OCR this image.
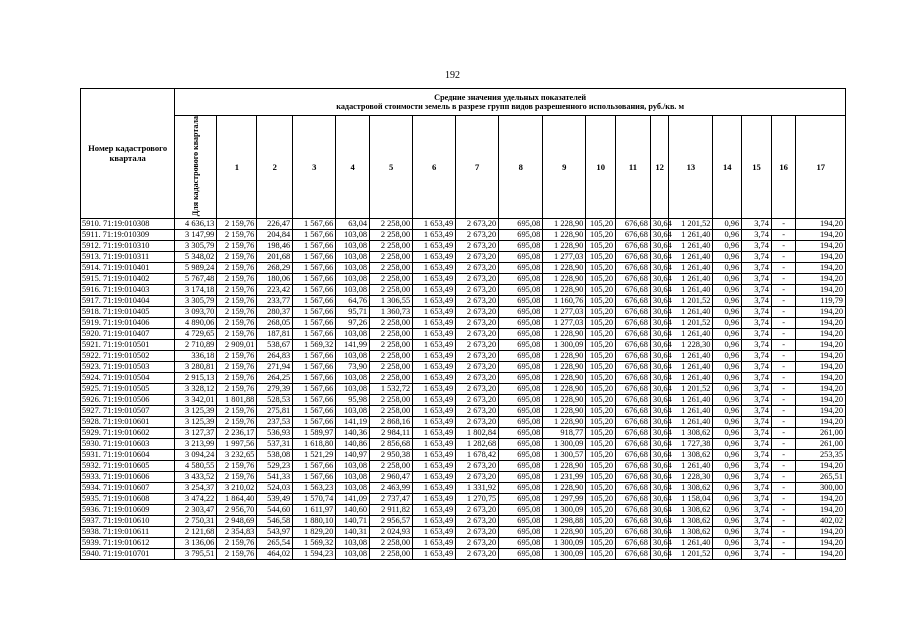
192
Номер кадастрового квартала	Средние значения удельных показателей
кадастровой стоимости земель в разрезе групп видов разрешенного использования, руб./кв. м																	
	Для кадастрового квартала	1	2	3	4	5	6	7	8	9	10	11	12	13	14	15	16	17
5910. 71:19:010308	4 636,13	2 159,76	226,47	1 567,66	63,04	2 258,00	1 653,49	2 673,20	695,08	1 228,90	105,20	676,68	30,64	1 201,52	0,96	3,74	-	194,20
5911. 71:19:010309	3 147,99	2 159,76	204,84	1 567,66	103,08	2 258,00	1 653,49	2 673,20	695,08	1 228,90	105,20	676,68	30,64	1 261,40	0,96	3,74	-	194,20
5912. 71:19:010310	3 305,79	2 159,76	198,46	1 567,66	103,08	2 258,00	1 653,49	2 673,20	695,08	1 228,90	105,20	676,68	30,64	1 261,40	0,96	3,74	-	194,20
5913. 71:19:010311	5 348,02	2 159,76	201,68	1 567,66	103,08	2 258,00	1 653,49	2 673,20	695,08	1 277,03	105,20	676,68	30,64	1 261,40	0,96	3,74	-	194,20
5914. 71:19:010401	5 989,24	2 159,76	268,29	1 567,66	103,08	2 258,00	1 653,49	2 673,20	695,08	1 228,90	105,20	676,68	30,64	1 261,40	0,96	3,74	-	194,20
5915. 71:19:010402	5 767,48	2 159,76	180,06	1 567,66	103,08	2 258,00	1 653,49	2 673,20	695,08	1 228,90	105,20	676,68	30,64	1 261,40	0,96	3,74	-	194,20
5916. 71:19:010403	3 174,18	2 159,76	223,42	1 567,66	103,08	2 258,00	1 653,49	2 673,20	695,08	1 228,90	105,20	676,68	30,64	1 261,40	0,96	3,74	-	194,20
5917. 71:19:010404	3 305,79	2 159,76	233,77	1 567,66	64,76	1 306,55	1 653,49	2 673,20	695,08	1 160,76	105,20	676,68	30,64	1 201,52	0,96	3,74	-	119,79
5918. 71:19:010405	3 093,70	2 159,76	280,37	1 567,66	95,71	1 360,73	1 653,49	2 673,20	695,08	1 277,03	105,20	676,68	30,64	1 261,40	0,96	3,74	-	194,20
5919. 71:19:010406	4 890,06	2 159,76	268,05	1 567,66	97,26	2 258,00	1 653,49	2 673,20	695,08	1 277,03	105,20	676,68	30,64	1 201,52	0,96	3,74	-	194,20
5920. 71:19:010407	4 729,65	2 159,76	187,81	1 567,66	103,08	2 258,00	1 653,49	2 673,20	695,08	1 228,90	105,20	676,68	30,64	1 261,40	0,96	3,74	-	194,20
5921. 71:19:010501	2 710,89	2 909,01	538,67	1 569,32	141,99	2 258,00	1 653,49	2 673,20	695,08	1 300,09	105,20	676,68	30,64	1 228,30	0,96	3,74	-	194,20
5922. 71:19:010502	336,18	2 159,76	264,83	1 567,66	103,08	2 258,00	1 653,49	2 673,20	695,08	1 228,90	105,20	676,68	30,64	1 261,40	0,96	3,74	-	194,20
5923. 71:19:010503	3 280,81	2 159,76	271,94	1 567,66	73,90	2 258,00	1 653,49	2 673,20	695,08	1 228,90	105,20	676,68	30,64	1 261,40	0,96	3,74	-	194,20
5924. 71:19:010504	2 915,13	2 159,76	264,25	1 567,66	103,08	2 258,00	1 653,49	2 673,20	695,08	1 228,90	105,20	676,68	30,64	1 261,40	0,96	3,74	-	194,20
5925. 71:19:010505	3 328,12	2 159,76	279,39	1 567,66	103,08	1 532,72	1 653,49	2 673,20	695,08	1 228,90	105,20	676,68	30,64	1 201,52	0,96	3,74	-	194,20
5926. 71:19:010506	3 342,01	1 801,88	528,53	1 567,66	95,98	2 258,00	1 653,49	2 673,20	695,08	1 228,90	105,20	676,68	30,64	1 261,40	0,96	3,74	-	194,20
5927. 71:19:010507	3 125,39	2 159,76	275,81	1 567,66	103,08	2 258,00	1 653,49	2 673,20	695,08	1 228,90	105,20	676,68	30,64	1 261,40	0,96	3,74	-	194,20
5928. 71:19:010601	3 125,39	2 159,76	237,53	1 567,66	141,19	2 868,16	1 653,49	2 673,20	695,08	1 228,90	105,20	676,68	30,64	1 261,40	0,96	3,74	-	194,20
5929. 71:19:010602	3 127,37	2 236,17	536,93	1 589,97	140,36	2 984,11	1 653,49	1 802,84	695,08	918,77	105,20	676,68	30,64	1 308,62	0,96	3,74	-	261,00
5930. 71:19:010603	3 213,99	1 997,56	537,31	1 618,80	140,86	2 856,68	1 653,49	1 282,68	695,08	1 300,09	105,20	676,68	30,64	1 727,38	0,96	3,74	-	261,00
5931. 71:19:010604	3 094,24	3 232,65	538,08	1 521,29	140,97	2 950,38	1 653,49	1 678,42	695,08	1 300,57	105,20	676,68	30,64	1 308,62	0,96	3,74	-	253,35
5932. 71:19:010605	4 580,55	2 159,76	529,23	1 567,66	103,08	2 258,00	1 653,49	2 673,20	695,08	1 228,90	105,20	676,68	30,64	1 261,40	0,96	3,74	-	194,20
5933. 71:19:010606	3 433,52	2 159,76	541,33	1 567,66	103,08	2 960,47	1 653,49	2 673,20	695,08	1 231,99	105,20	676,68	30,64	1 228,30	0,96	3,74	-	265,51
5934. 71:19:010607	3 254,37	3 210,02	524,03	1 563,23	103,08	2 463,99	1 653,49	1 331,92	695,08	1 228,90	105,20	676,68	30,64	1 308,62	0,96	3,74	-	300,00
5935. 71:19:010608	3 474,22	1 864,40	539,49	1 570,74	141,09	2 737,47	1 653,49	1 270,75	695,08	1 297,99	105,20	676,68	30,64	1 158,04	0,96	3,74	-	194,20
5936. 71:19:010609	2 303,47	2 956,70	544,60	1 611,97	140,60	2 911,82	1 653,49	2 673,20	695,08	1 300,09	105,20	676,68	30,64	1 308,62	0,96	3,74	-	194,20
5937. 71:19:010610	2 750,31	2 948,69	546,58	1 880,10	140,71	2 956,57	1 653,49	2 673,20	695,08	1 298,88	105,20	676,68	30,64	1 308,62	0,96	3,74	-	402,02
5938. 71:19:010611	2 121,68	2 354,83	543,97	1 829,20	140,31	2 024,93	1 653,49	2 673,20	695,08	1 228,90	105,20	676,68	30,64	1 308,62	0,96	3,74	-	194,20
5939. 71:19:010612	3 136,06	2 159,76	265,54	1 569,32	103,08	2 258,00	1 653,49	2 673,20	695,08	1 300,09	105,20	676,68	30,64	1 261,40	0,96	3,74	-	194,20
5940. 71:19:010701	3 795,51	2 159,76	464,02	1 594,23	103,08	2 258,00	1 653,49	2 673,20	695,08	1 300,09	105,20	676,68	30,64	1 201,52	0,96	3,74	-	194,20
